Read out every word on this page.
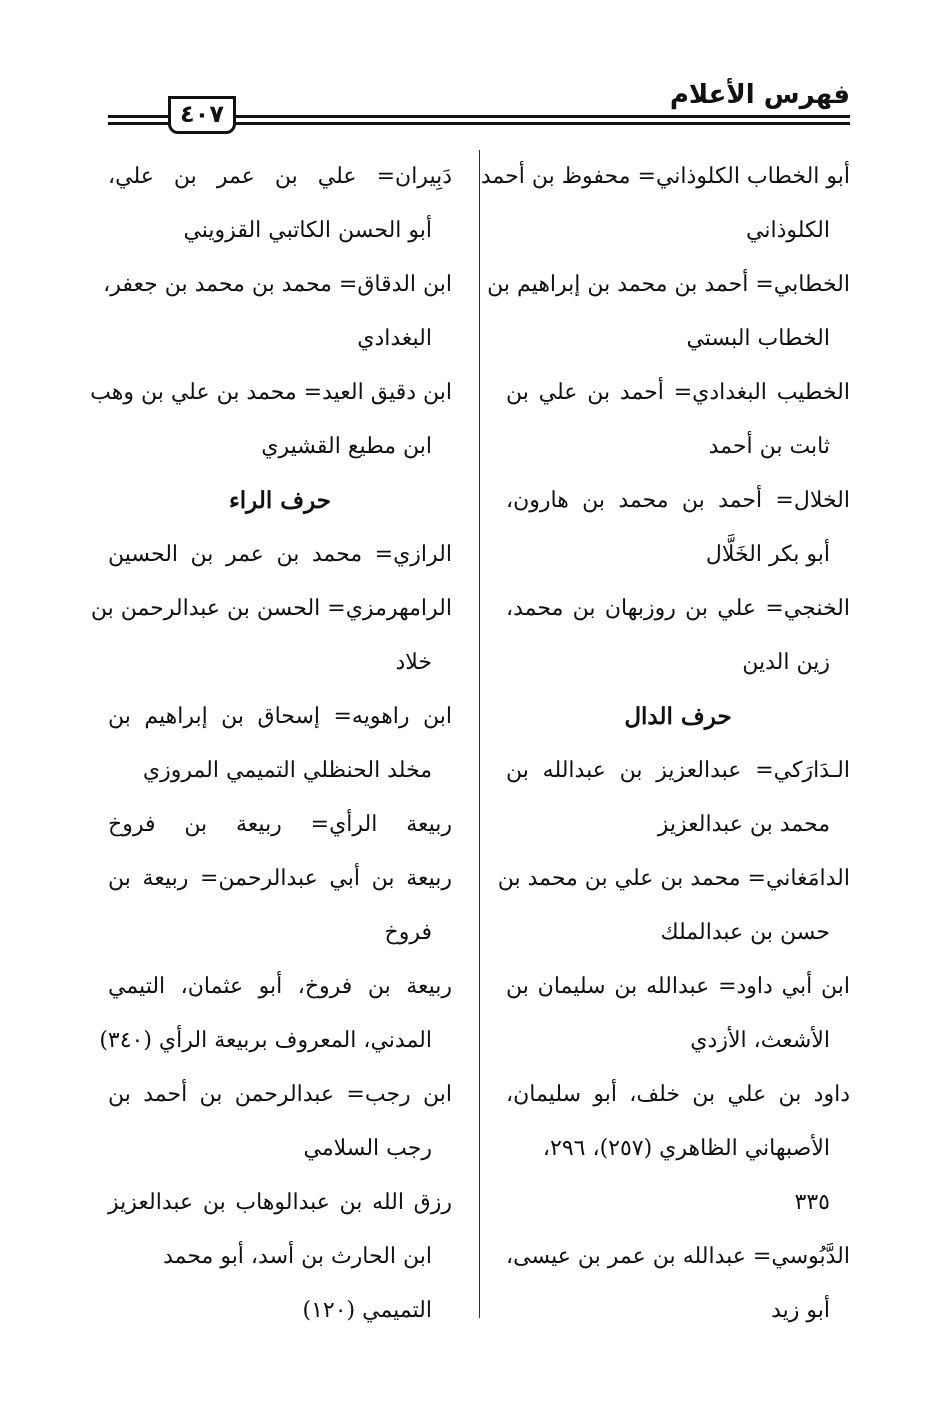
فهرس الأعلام
٤٠٧
أبو الخطاب الكلوذاني= محفوظ بن أحمد
الكلوذاني
الخطابي= أحمد بن محمد بن إبراهيم بن
الخطاب البستي
الخطيب البغدادي= أحمد بن علي بن
ثابت بن أحمد
الخلال= أحمد بن محمد بن هارون،
أبو بكر الخَلَّال
الخنجي= علي بن روزبهان بن محمد،
زين الدين
حرف الدال
الـدَارَكي= عبدالعزيز بن عبدالله بن
محمد بن عبدالعزيز
الدامَغاني= محمد بن علي بن محمد بن
حسن بن عبدالملك
ابن أبي داود= عبدالله بن سليمان بن
الأشعث، الأزدي
داود بن علي بن خلف، أبو سليمان،
الأصبهاني الظاهري (٢٥٧)، ٢٩٦،
٣٣٥
الدَّبُوسي= عبدالله بن عمر بن عيسى،
أبو زيد
دَبِيران= علي بن عمر بن علي،
أبو الحسن الكاتبي القزويني
ابن الدقاق= محمد بن محمد بن جعفر،
البغدادي
ابن دقيق العيد= محمد بن علي بن وهب
ابن مطيع القشيري
حرف الراء
الرازي= محمد بن عمر بن الحسين
الرامهرمزي= الحسن بن عبدالرحمن بن
خلاد
ابن راهويه= إسحاق بن إبراهيم بن
مخلد الحنظلي التميمي المروزي
ربيعة الرأي= ربيعة بن فروخ
ربيعة بن أبي عبدالرحمن= ربيعة بن
فروخ
ربيعة بن فروخ، أبو عثمان، التيمي
المدني، المعروف بربيعة الرأي (٣٤٠)
ابن رجب= عبدالرحمن بن أحمد بن
رجب السلامي
رزق الله بن عبدالوهاب بن عبدالعزيز
ابن الحارث بن أسد، أبو محمد
التميمي (١٢٠)
